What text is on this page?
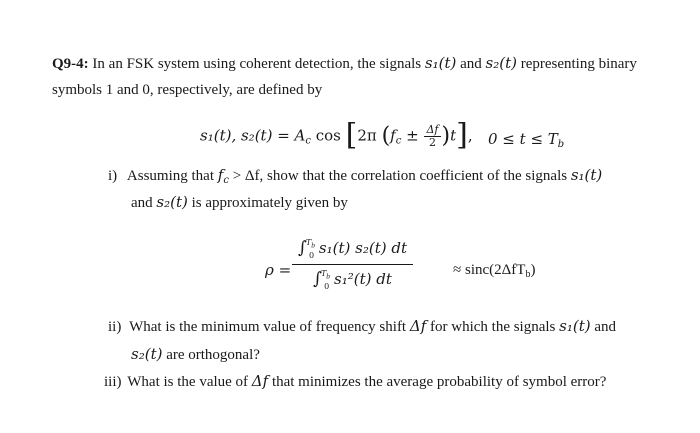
Q9-4: In an FSK system using coherent detection, the signals s₁(t) and s₂(t) representing binary
symbols 1 and 0, respectively, are defined by
s₁(t), $s_2(t) = A_c$ cos [2π $(f_c \pm \frac{\Delta f}{2} )t$], $0 \le t \le T_b$
i) Assuming that $f_c > \Delta f$, show that the correlation coefficient of the signals s₁(t)
and s₂(t) is approximately given by
$\rho = \frac{\int^{T_b}_0 s_1(t) s_2(t) dt}{\int^{T_b}_0 s_1^2(t) dt}$	≈ sinc(2ΔfT$_b$)
ii) What is the minimum value of frequency shift Δf for which the signals s₁(t) and
s₂(t) are orthogonal?
iii) What is the value of Δf that minimizes the average probability of symbol error?
